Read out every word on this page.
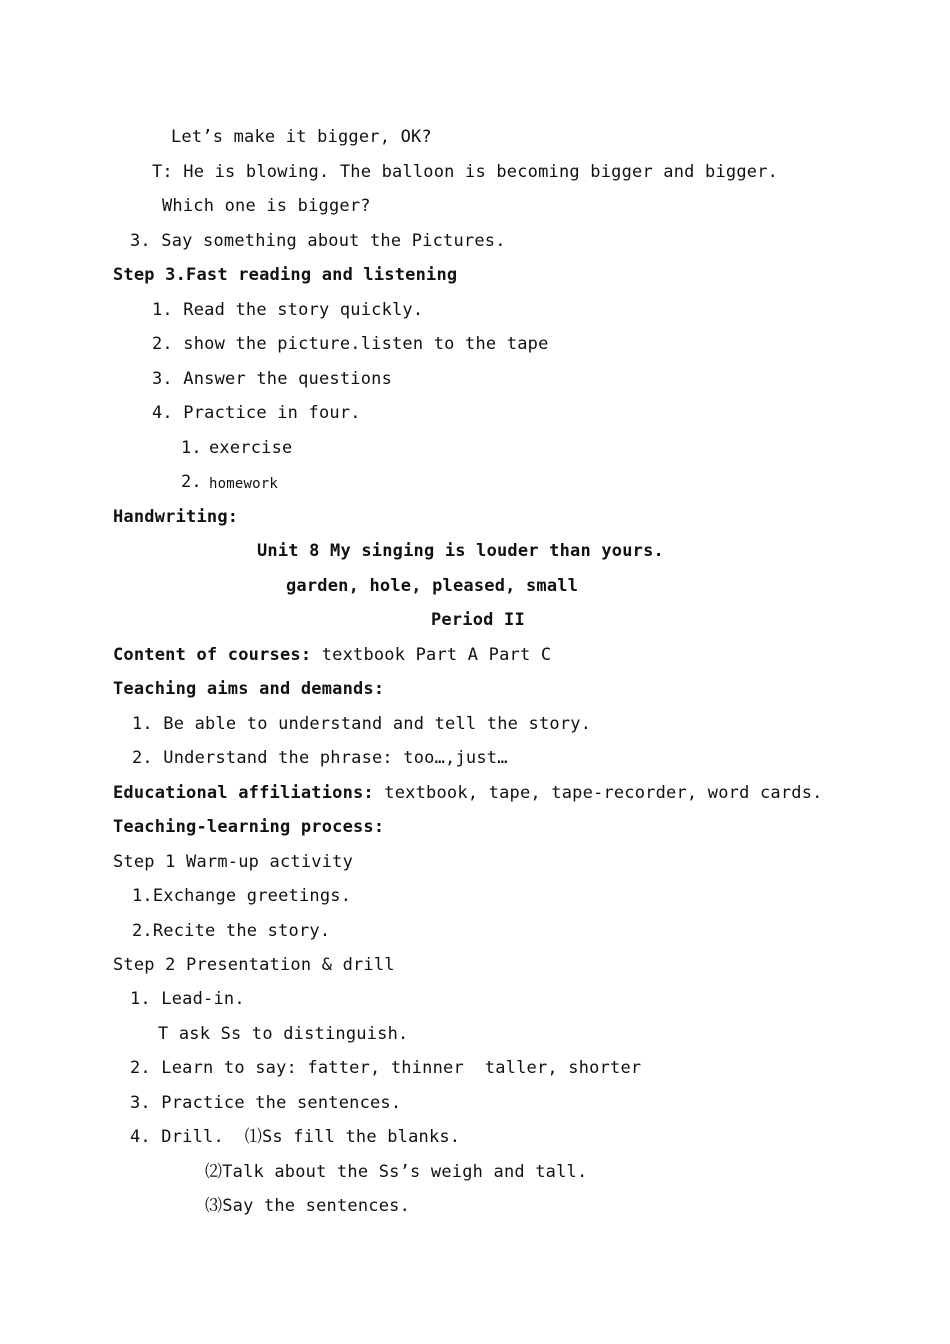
Let’s make it bigger, OK?
T: He is blowing. The balloon is becoming bigger and bigger.
Which one is bigger?
3. Say something about the Pictures.
Step 3.Fast reading and listening
1. Read the story quickly.
2. show the picture.listen to the tape
3. Answer the questions
4. Practice in four.
1. exercise
2. homework
Handwriting:
Unit 8 My singing is louder than yours.
garden, hole, pleased, small
Period II
Content of courses: textbook Part A Part C
Teaching aims and demands:
1. Be able to understand and tell the story.
2. Understand the phrase: too…,just…
Educational affiliations: textbook, tape, tape-recorder, word cards.
Teaching-learning process:
Step 1 Warm-up activity
1.Exchange greetings.
2.Recite the story.
Step 2 Presentation & drill
1. Lead-in.
T ask Ss to distinguish.
2. Learn to say: fatter, thinner  taller, shorter
3. Practice the sentences.
4. Drill.  ⑴Ss fill the blanks.
⑵Talk about the Ss’s weigh and tall.
⑶Say the sentences.
